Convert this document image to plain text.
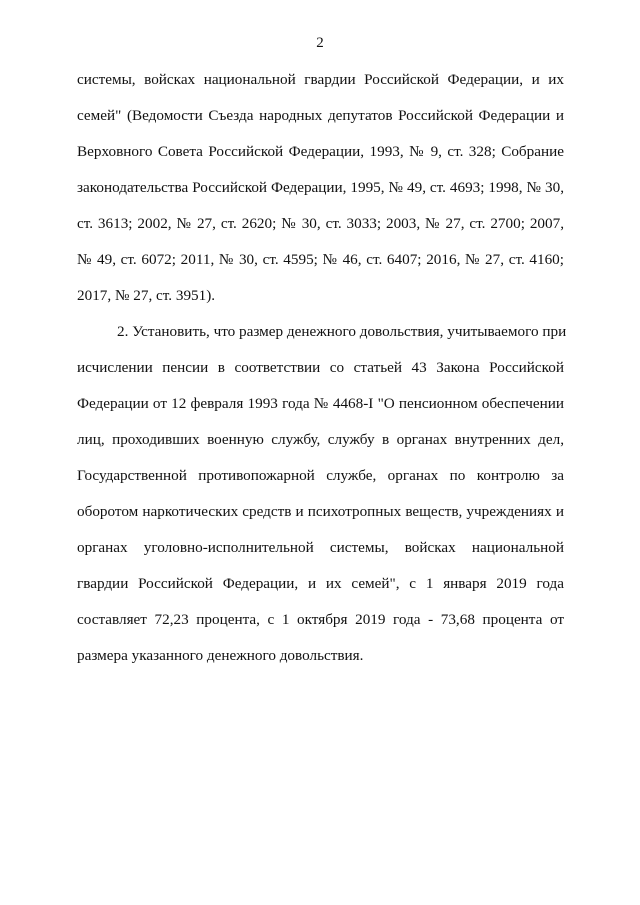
2
системы, войсках национальной гвардии Российской Федерации, и их
семей" (Ведомости Съезда народных депутатов Российской Федерации и
Верховного Совета Российской Федерации, 1993, № 9, ст. 328; Собрание
законодательства Российской Федерации, 1995, № 49, ст. 4693; 1998, № 30,
ст. 3613; 2002, № 27, ст. 2620; № 30, ст. 3033; 2003, № 27, ст. 2700; 2007,
№ 49, ст. 6072; 2011, № 30, ст. 4595; № 46, ст. 6407; 2016, № 27, ст. 4160;
2017, № 27, ст. 3951).
2. Установить, что размер денежного довольствия, учитываемого при
исчислении пенсии в соответствии со статьей 43 Закона Российской
Федерации от 12 февраля 1993 года № 4468-I "О пенсионном обеспечении
лиц, проходивших военную службу, службу в органах внутренних дел,
Государственной противопожарной службе, органах по контролю за
оборотом наркотических средств и психотропных веществ, учреждениях и
органах уголовно-исполнительной системы, войсках национальной
гвардии Российской Федерации, и их семей", с 1 января 2019 года
составляет 72,23 процента, с 1 октября 2019 года - 73,68 процента от
размера указанного денежного довольствия.
